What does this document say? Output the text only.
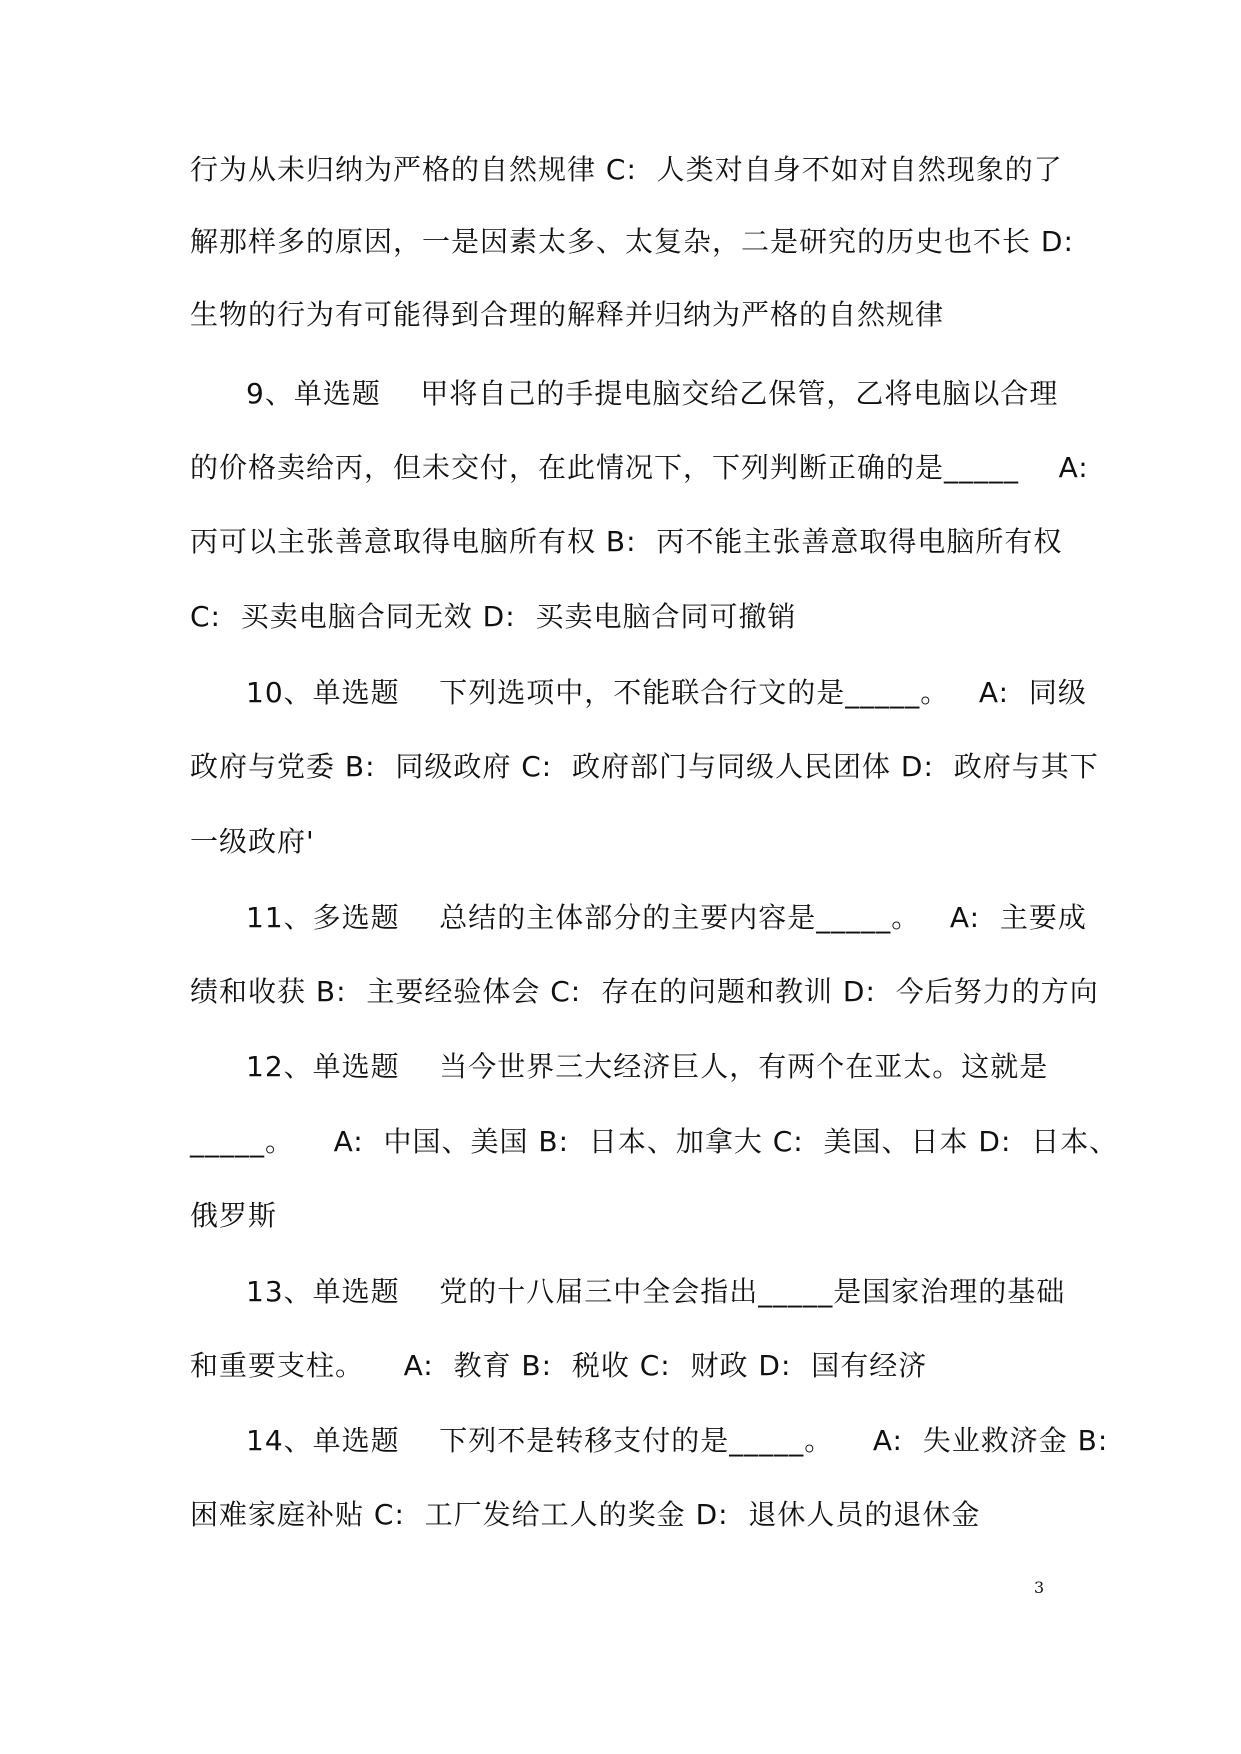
行为从未归纳为严格的自然规律 C:  人类对自身不如对自然现象的了
解那样多的原因，一是因素太多、太复杂，二是研究的历史也不长 D:
生物的行为有可能得到合理的解释并归纳为严格的自然规律
9、单选题    甲将自己的手提电脑交给乙保管，乙将电脑以合理
的价格卖给丙，但未交付，在此情况下，下列判断正确的是_____    A:
丙可以主张善意取得电脑所有权 B:  丙不能主张善意取得电脑所有权
C:  买卖电脑合同无效 D:  买卖电脑合同可撤销
10、单选题    下列选项中，不能联合行文的是_____。   A:  同级
政府与党委 B:  同级政府 C:  政府部门与同级人民团体 D:  政府与其下
一级政府'
11、多选题    总结的主体部分的主要内容是_____。   A:  主要成
绩和收获 B:  主要经验体会 C:  存在的问题和教训 D:  今后努力的方向
12、单选题    当今世界三大经济巨人，有两个在亚太。这就是
_____。    A:  中国、美国 B:  日本、加拿大 C:  美国、日本 D:  日本、
俄罗斯
13、单选题    党的十八届三中全会指出_____是国家治理的基础
和重要支柱。    A:  教育 B:  税收 C:  财政 D:  国有经济
14、单选题    下列不是转移支付的是_____。    A:  失业救济金 B:
困难家庭补贴 C:  工厂发给工人的奖金 D:  退休人员的退休金
3
